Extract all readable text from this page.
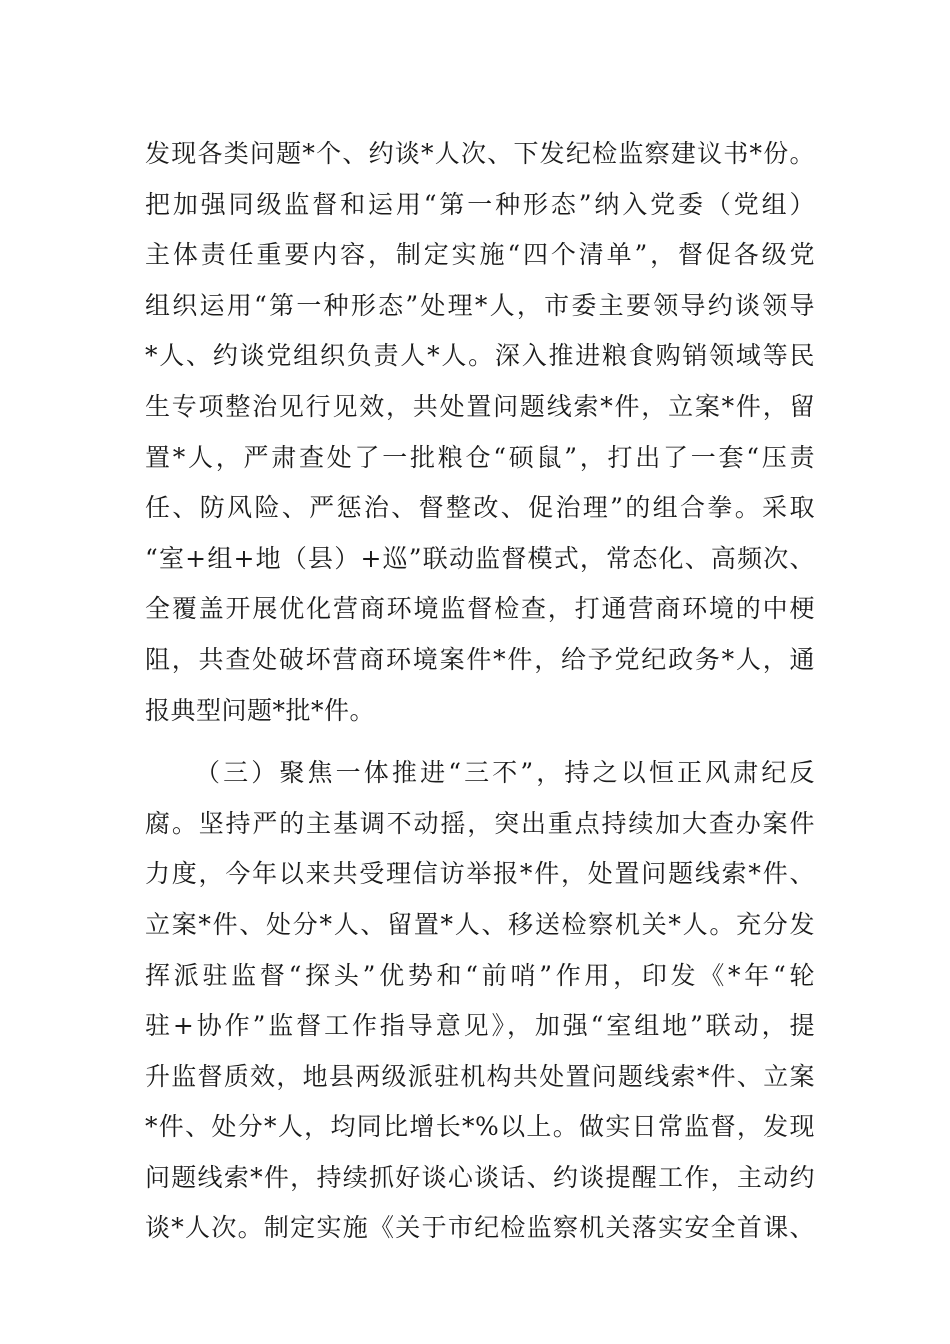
发现各类问题*个、约谈*人次、下发纪检监察建议书*份。
把加强同级监督和运用“第一种形态”纳入党委（党组）
主体责任重要内容，制定实施“四个清单”，督促各级党
组织运用“第一种形态”处理*人，市委主要领导约谈领导
*人、约谈党组织负责人*人。深入推进粮食购销领域等民
生专项整治见行见效，共处置问题线索*件，立案*件，留
置*人，严肃查处了一批粮仓“硕鼠”，打出了一套“压责
任、防风险、严惩治、督整改、促治理”的组合拳。采取
“室+组+地（县）+巡”联动监督模式，常态化、高频次、
全覆盖开展优化营商环境监督检查，打通营商环境的中梗
阻，共查处破坏营商环境案件*件，给予党纪政务*人，通
报典型问题*批*件。
（三）聚焦一体推进“三不”，持之以恒正风肃纪反
腐。坚持严的主基调不动摇，突出重点持续加大查办案件
力度，今年以来共受理信访举报*件，处置问题线索*件、
立案*件、处分*人、留置*人、移送检察机关*人。充分发
挥派驻监督“探头”优势和“前哨”作用，印发《*年“轮
驻+协作”监督工作指导意见》，加强“室组地”联动，提
升监督质效，地县两级派驻机构共处置问题线索*件、立案
*件、处分*人，均同比增长*%以上。做实日常监督，发现
问题线索*件，持续抓好谈心谈话、约谈提醒工作，主动约
谈*人次。制定实施《关于市纪检监察机关落实安全首课、
